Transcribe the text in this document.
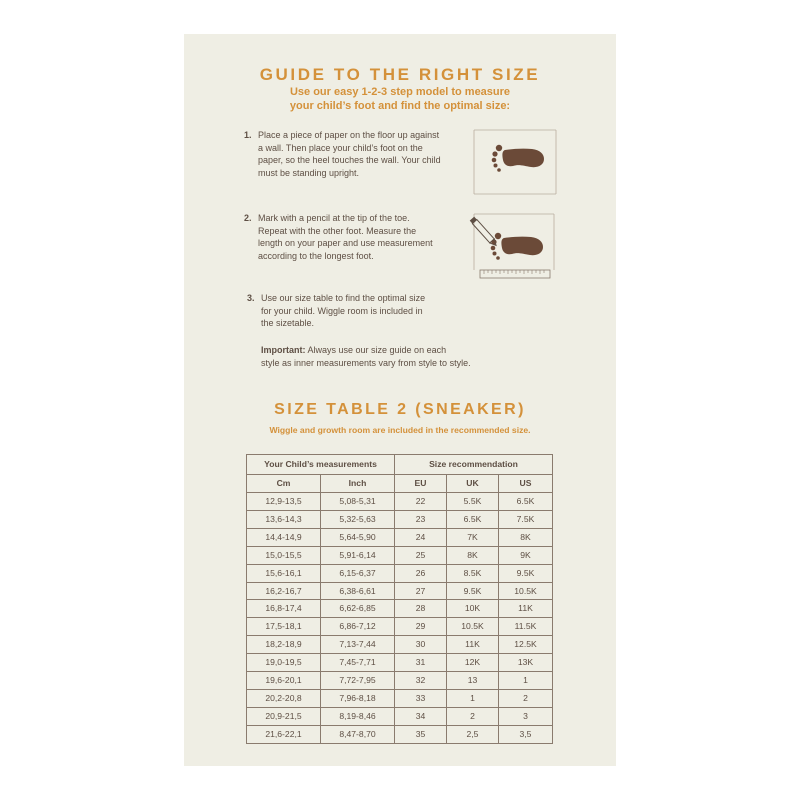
GUIDE TO THE RIGHT SIZE
Use our easy 1-2-3 step model to measure
your child’s foot and find the optimal size:
1. Place a piece of paper on the floor up against
a wall. Then place your child’s foot on the
paper, so the heel touches the wall. Your child
must be standing upright.
2. Mark with a pencil at the tip of the toe.
Repeat with the other foot. Measure the
length on your paper and use measurement
according to the longest foot.
3. Use our size table to find the optimal size
for your child. Wiggle room is included in
the sizetable.
Important: Always use our size guide on each
style as inner measurements vary from style to style.
SIZE TABLE 2 (SNEAKER)
Wiggle and growth room are included in the recommended size.
Your Child’s measurements		Size recommendation		
Cm	Inch	EU	UK	US
12,9-13,5	5,08-5,31	22	5.5K	6.5K
13,6-14,3	5,32-5,63	23	6.5K	7.5K
14,4-14,9	5,64-5,90	24	7K	8K
15,0-15,5	5,91-6,14	25	8K	9K
15,6-16,1	6,15-6,37	26	8.5K	9.5K
16,2-16,7	6,38-6,61	27	9.5K	10.5K
16,8-17,4	6,62-6,85	28	10K	11K
17,5-18,1	6,86-7,12	29	10.5K	11.5K
18,2-18,9	7,13-7,44	30	11K	12.5K
19,0-19,5	7,45-7,71	31	12K	13K
19,6-20,1	7,72-7,95	32	13	1
20,2-20,8	7,96-8,18	33	1	2
20,9-21,5	8,19-8,46	34	2	3
21,6-22,1	8,47-8,70	35	2,5	3,5
